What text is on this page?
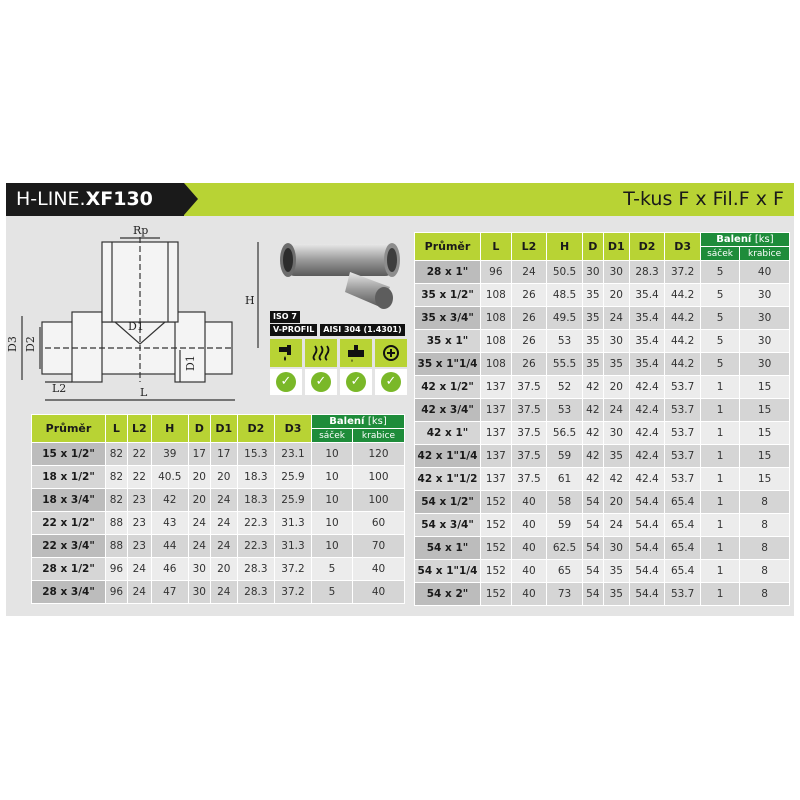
H-LINE.XF130	T-kus F x Fil.F x F
Rp
H
D1
D2
D3
D1
L
L2
ISO 7
V-PROFIL	AISI 304 (1.4301)
✓	✓	✓	✓
Průměr	L	L2	H	D	D1	D2	D3	Balení [ks]	
								sáček	krabice
15 x 1/2"	82	22	39	17	17	15.3	23.1	10	120
18 x 1/2"	82	22	40.5	20	20	18.3	25.9	10	100
18 x 3/4"	82	23	42	20	24	18.3	25.9	10	100
22 x 1/2"	88	23	43	24	24	22.3	31.3	10	60
22 x 3/4"	88	23	44	24	24	22.3	31.3	10	70
28 x 1/2"	96	24	46	30	20	28.3	37.2	5	40
28 x 3/4"	96	24	47	30	24	28.3	37.2	5	40
Průměr	L	L2	H	D	D1	D2	D3	Balení [ks]	
								sáček	krabice
28 x 1"	96	24	50.5	30	30	28.3	37.2	5	40
35 x 1/2"	108	26	48.5	35	20	35.4	44.2	5	30
35 x 3/4"	108	26	49.5	35	24	35.4	44.2	5	30
35 x 1"	108	26	53	35	30	35.4	44.2	5	30
35 x 1"1/4	108	26	55.5	35	35	35.4	44.2	5	30
42 x 1/2"	137	37.5	52	42	20	42.4	53.7	1	15
42 x 3/4"	137	37.5	53	42	24	42.4	53.7	1	15
42 x 1"	137	37.5	56.5	42	30	42.4	53.7	1	15
42 x 1"1/4	137	37.5	59	42	35	42.4	53.7	1	15
42 x 1"1/2	137	37.5	61	42	42	42.4	53.7	1	15
54 x 1/2"	152	40	58	54	20	54.4	65.4	1	8
54 x 3/4"	152	40	59	54	24	54.4	65.4	1	8
54 x 1"	152	40	62.5	54	30	54.4	65.4	1	8
54 x 1"1/4	152	40	65	54	35	54.4	65.4	1	8
54 x 2"	152	40	73	54	35	54.4	53.7	1	8
